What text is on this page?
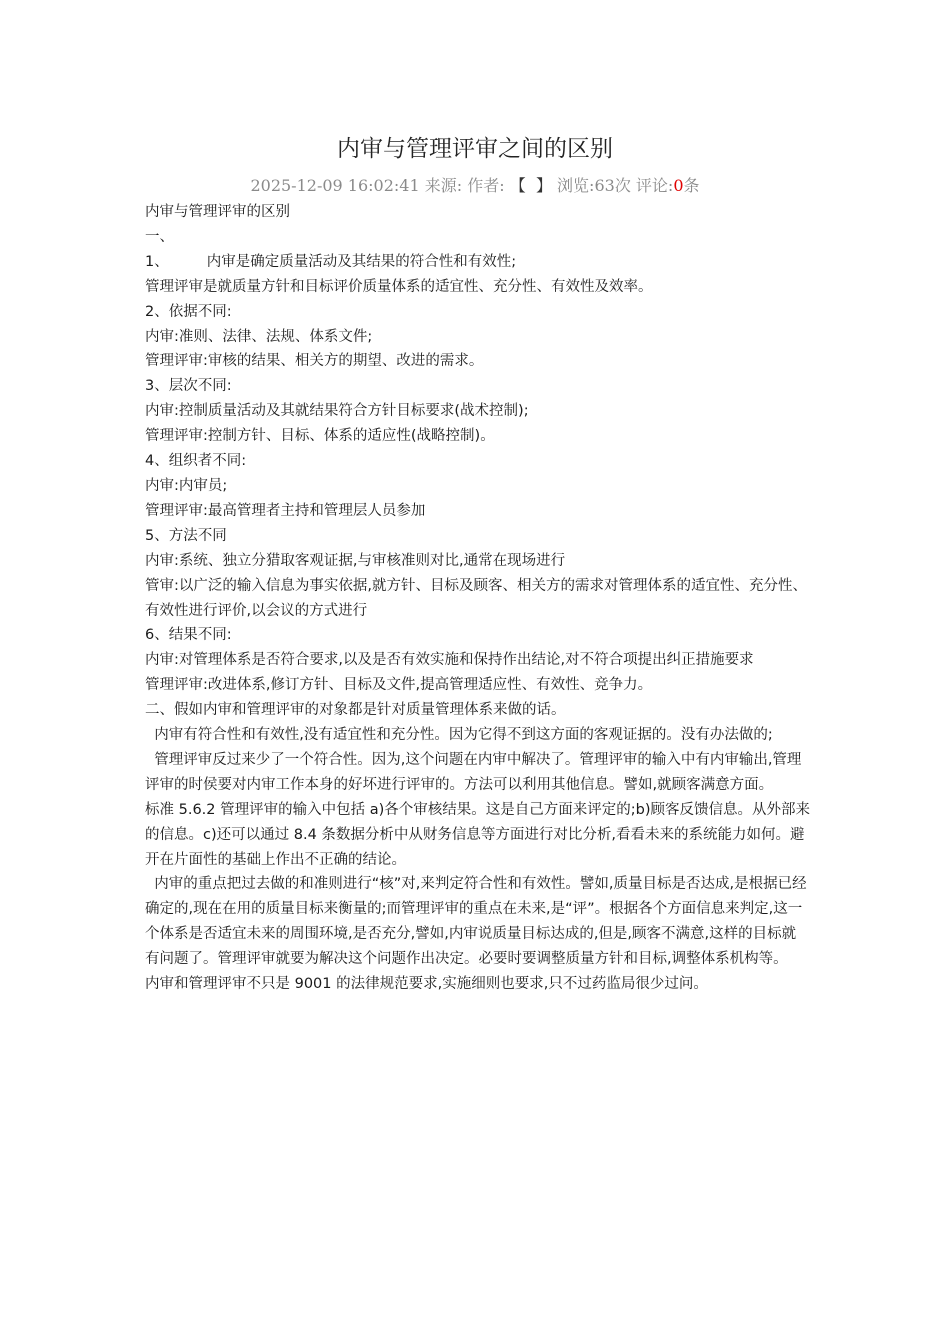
内审与管理评审之间的区别
2025-12-09 16:02:41 来源: 作者: 【 】 浏览:63次 评论:0条

内审与管理评审的区别

一、

1、	内审是确定质量活动及其结果的符合性和有效性;

管理评审是就质量方针和目标评价质量体系的适宜性、充分性、有效性及效率。

2、依据不同:

内审:准则、法律、法规、体系文件;

管理评审:审核的结果、相关方的期望、改进的需求。

3、层次不同:

内审:控制质量活动及其就结果符合方针目标要求(战术控制);

管理评审:控制方针、目标、体系的适应性(战略控制)。

4、组织者不同:

内审:内审员;

管理评审:最高管理者主持和管理层人员参加

5、方法不同

内审:系统、独立分猎取客观证据,与审核准则对比,通常在现场进行

管审:以广泛的输入信息为事实依据,就方针、目标及顾客、相关方的需求对管理体系的适宜性、充分性、有效性进行评价,以会议的方式进行

6、结果不同:

内审:对管理体系是否符合要求,以及是否有效实施和保持作出结论,对不符合项提出纠正措施要求

管理评审:改进体系,修订方针、目标及文件,提高管理适应性、有效性、竞争力。

二、假如内审和管理评审的对象都是针对质量管理体系来做的话。

内审有符合性和有效性,没有适宜性和充分性。因为它得不到这方面的客观证据的。没有办法做的;

管理评审反过来少了一个符合性。因为,这个问题在内审中解决了。管理评审的输入中有内审输出,管理评审的时侯要对内审工作本身的好坏进行评审的。方法可以利用其他信息。譬如,就顾客满意方面。

标准 5.6.2 管理评审的输入中包括 a)各个审核结果。这是自己方面来评定的;b)顾客反馈信息。从外部来的信息。c)还可以通过 8.4 条数据分析中从财务信息等方面进行对比分析,看看未来的系统能力如何。避开在片面性的基础上作出不正确的结论。

内审的重点把过去做的和准则进行“核”对,来判定符合性和有效性。譬如,质量目标是否达成,是根据已经确定的,现在在用的质量目标来衡量的;而管理评审的重点在未来,是“评”。根据各个方面信息来判定,这一个体系是否适宜未来的周围环境,是否充分,譬如,内审说质量目标达成的,但是,顾客不满意,这样的目标就有问题了。管理评审就要为解决这个问题作出决定。必要时要调整质量方针和目标,调整体系机构等。

内审和管理评审不只是 9001 的法律规范要求,实施细则也要求,只不过药监局很少过问。
